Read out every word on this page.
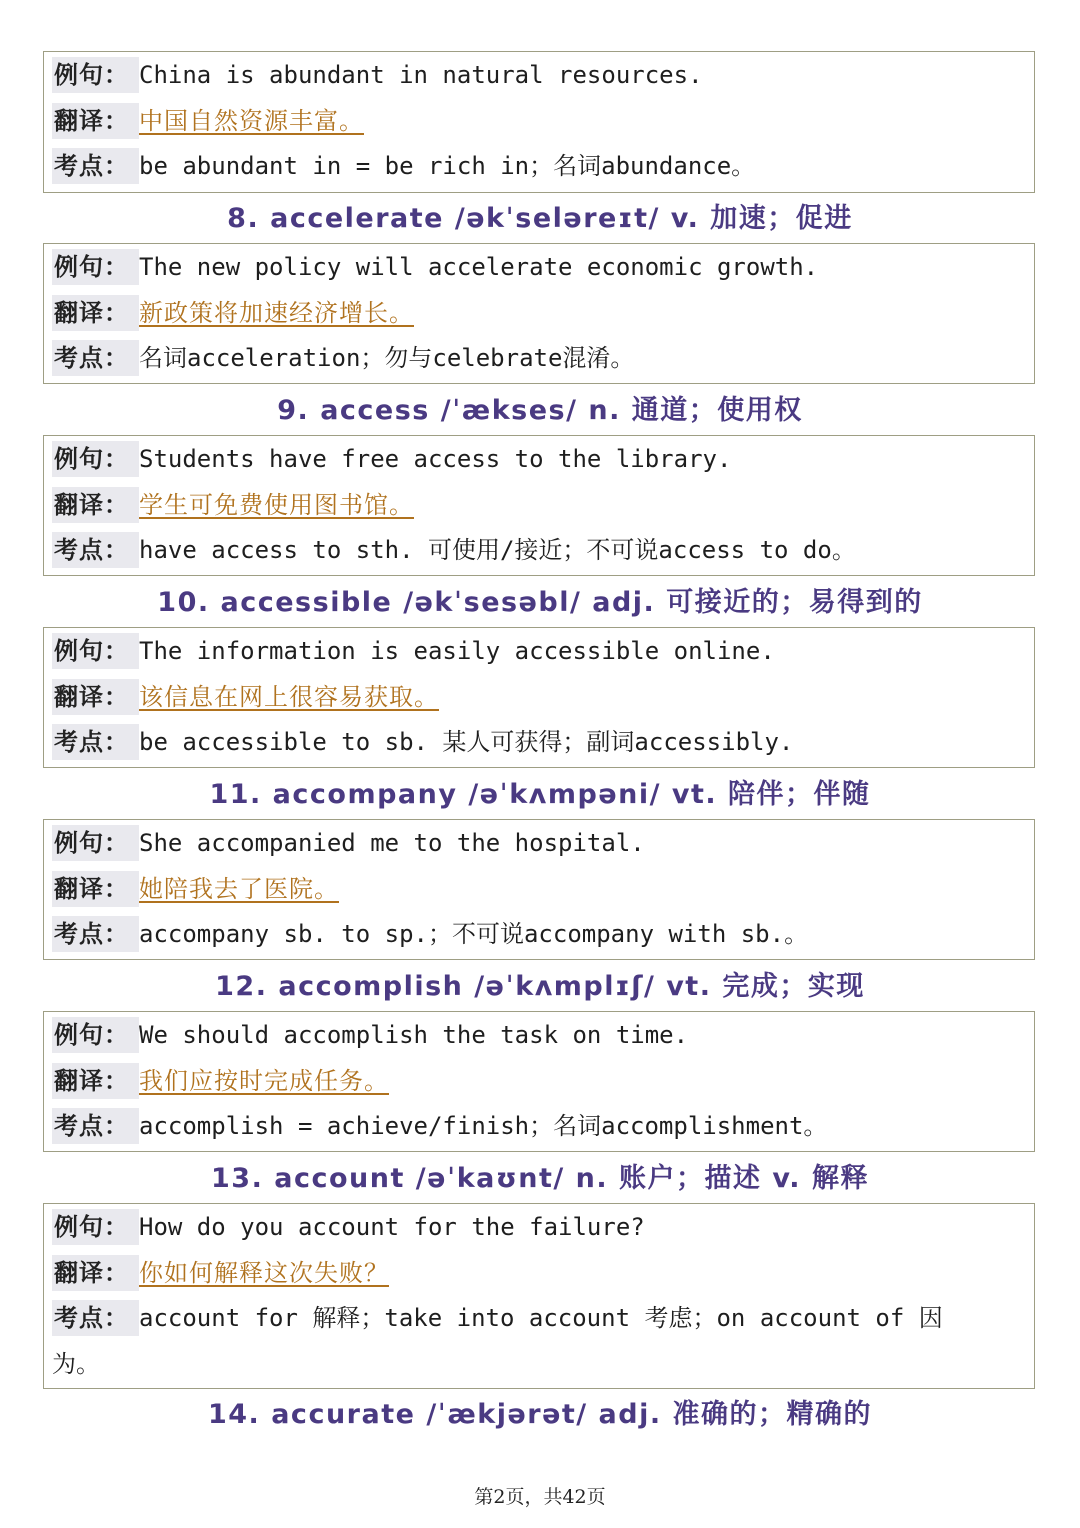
例句： China is abundant in natural resources.
翻译： 中国自然资源丰富。
考点： be abundant in = be rich in；名词abundance。
8. accelerate /əkˈseləreɪt/ v. 加速；促进
例句： The new policy will accelerate economic growth.
翻译： 新政策将加速经济增长。
考点： 名词acceleration；勿与celebrate混淆。
9. access /ˈækses/ n. 通道；使用权
例句： Students have free access to the library.
翻译： 学生可免费使用图书馆。
考点： have access to sth. 可使用/接近；不可说access to do。
10. accessible /əkˈsesəbl/ adj. 可接近的；易得到的
例句： The information is easily accessible online.
翻译： 该信息在网上很容易获取。
考点： be accessible to sb. 某人可获得；副词accessibly.
11. accompany /əˈkʌmpəni/ vt. 陪伴；伴随
例句： She accompanied me to the hospital.
翻译： 她陪我去了医院。
考点： accompany sb. to sp.；不可说accompany with sb.。
12. accomplish /əˈkʌmplɪʃ/ vt. 完成；实现
例句： We should accomplish the task on time.
翻译： 我们应按时完成任务。
考点： accomplish = achieve/finish；名词accomplishment。
13. account /əˈkaʊnt/ n. 账户；描述 v. 解释
例句： How do you account for the failure?
翻译： 你如何解释这次失败？
考点： account for 解释；take into account 考虑；on account of 因
为。
14. accurate /ˈækjərət/ adj. 准确的；精确的
第2页，共42页
